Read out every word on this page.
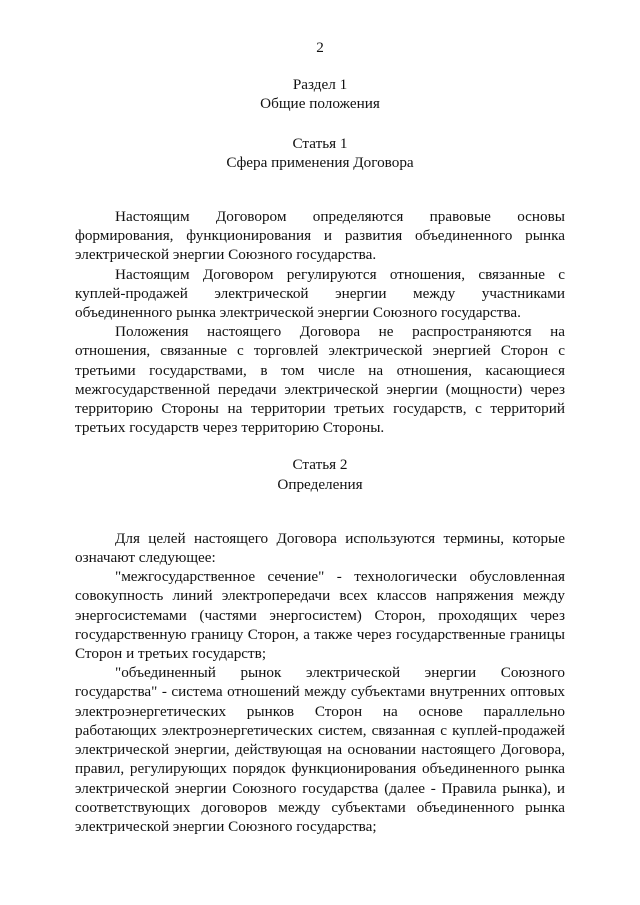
2
Раздел 1
Общие положения
Статья 1
Сфера применения Договора

Настоящим Договором определяются правовые основы формирования, функционирования и развития объединенного рынка электрической энергии Союзного государства.

Настоящим Договором регулируются отношения, связанные с куплей-продажей электрической энергии между участниками объединенного рынка электрической энергии Союзного государства.

Положения настоящего Договора не распространяются на отношения, связанные с торговлей электрической энергией Сторон с третьими государствами, в том числе на отношения, касающиеся межгосударственной передачи электрической энергии (мощности) через территорию Стороны на территории третьих государств, с территорий третьих государств через территорию Стороны.

Статья 2
Определения

Для целей настоящего Договора используются термины, которые означают следующее:

"межгосударственное сечение" - технологически обусловленная совокупность линий электропередачи всех классов напряжения между энергосистемами (частями энергосистем) Сторон, проходящих через государственную границу Сторон, а также через государственные границы Сторон и третьих государств;

"объединенный рынок электрической энергии Союзного государства" - система отношений между субъектами внутренних оптовых электроэнергетических рынков Сторон на основе параллельно работающих электроэнергетических систем, связанная с куплей-продажей электрической энергии, действующая на основании настоящего Договора, правил, регулирующих порядок функционирования объединенного рынка электрической энергии Союзного государства (далее - Правила рынка), и соответствующих договоров между субъектами объединенного рынка электрической энергии Союзного государства;
